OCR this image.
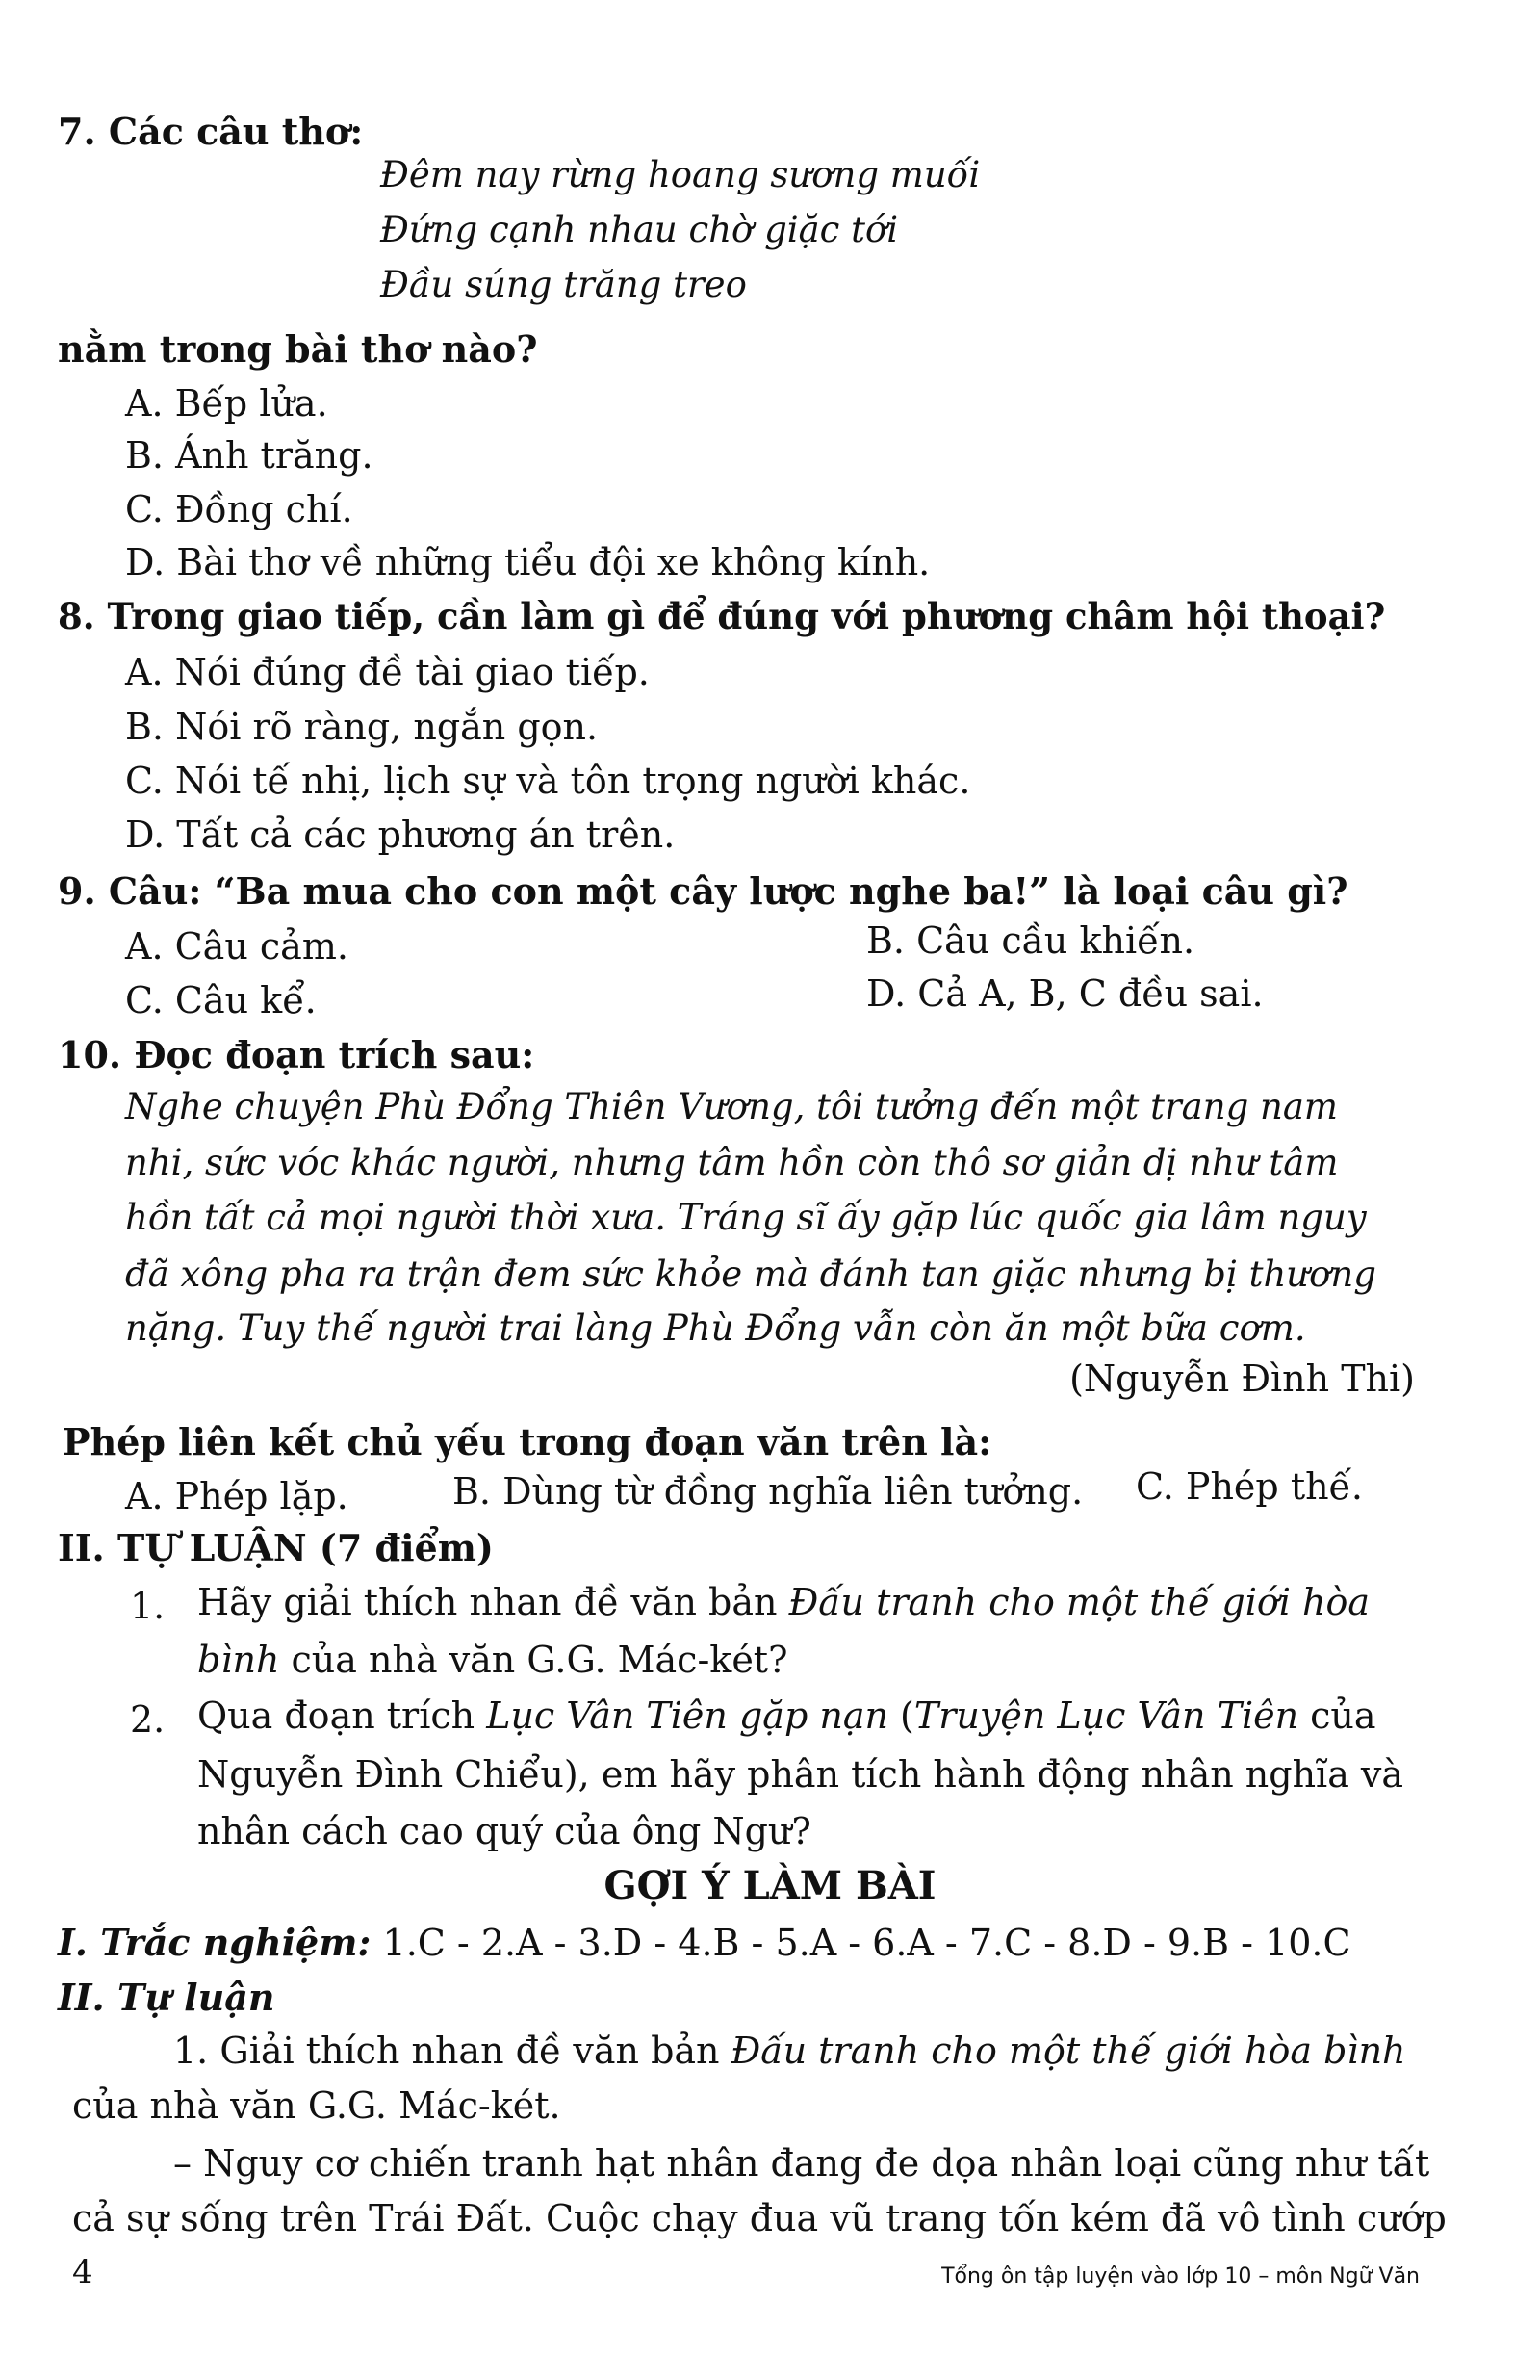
7. Các câu thơ:
Đêm nay rừng hoang sương muối
Đứng cạnh nhau chờ giặc tới
Đầu súng trăng treo
nằm trong bài thơ nào?
A. Bếp lửa.
B. Ánh trăng.
C. Đồng chí.
D. Bài thơ về những tiểu đội xe không kính.
8. Trong giao tiếp, cần làm gì để đúng với phương châm hội thoại?
A. Nói đúng đề tài giao tiếp.
B. Nói rõ ràng, ngắn gọn.
C. Nói tế nhị, lịch sự và tôn trọng người khác.
D. Tất cả các phương án trên.
9. Câu: “Ba mua cho con một cây lược nghe ba!” là loại câu gì?
A. Câu cảm.	B. Câu cầu khiến.
C. Câu kể.	D. Cả A, B, C đều sai.
10. Đọc đoạn trích sau:
Nghe chuyện Phù Đổng Thiên Vương, tôi tưởng đến một trang nam
nhi, sức vóc khác người, nhưng tâm hồn còn thô sơ giản dị như tâm
hồn tất cả mọi người thời xưa. Tráng sĩ ấy gặp lúc quốc gia lâm nguy
đã xông pha ra trận đem sức khỏe mà đánh tan giặc nhưng bị thương
nặng. Tuy thế người trai làng Phù Đổng vẫn còn ăn một bữa cơm.
(Nguyễn Đình Thi)
Phép liên kết chủ yếu trong đoạn văn trên là:
A. Phép lặp.	B. Dùng từ đồng nghĩa liên tưởng. C. Phép thế.
II. TỰ LUẬN (7 điểm)
1. Hãy giải thích nhan đề văn bản Đấu tranh cho một thế giới hòa
bình của nhà văn G.G. Mác-két?
2. Qua đoạn trích Lục Vân Tiên gặp nạn (Truyện Lục Vân Tiên của
Nguyễn Đình Chiểu), em hãy phân tích hành động nhân nghĩa và
nhân cách cao quý của ông Ngư?
GỢI Ý LÀM BÀI
I. Trắc nghiệm: 1.C - 2.A - 3.D - 4.B - 5.A - 6.A - 7.C - 8.D - 9.B - 10.C
II. Tự luận
1. Giải thích nhan đề văn bản Đấu tranh cho một thế giới hòa bình
của nhà văn G.G. Mác-két.
– Nguy cơ chiến tranh hạt nhân đang đe dọa nhân loại cũng như tất
cả sự sống trên Trái Đất. Cuộc chạy đua vũ trang tốn kém đã vô tình cướp
4	Tổng ôn tập luyện vào lớp 10 – môn Ngữ Văn
